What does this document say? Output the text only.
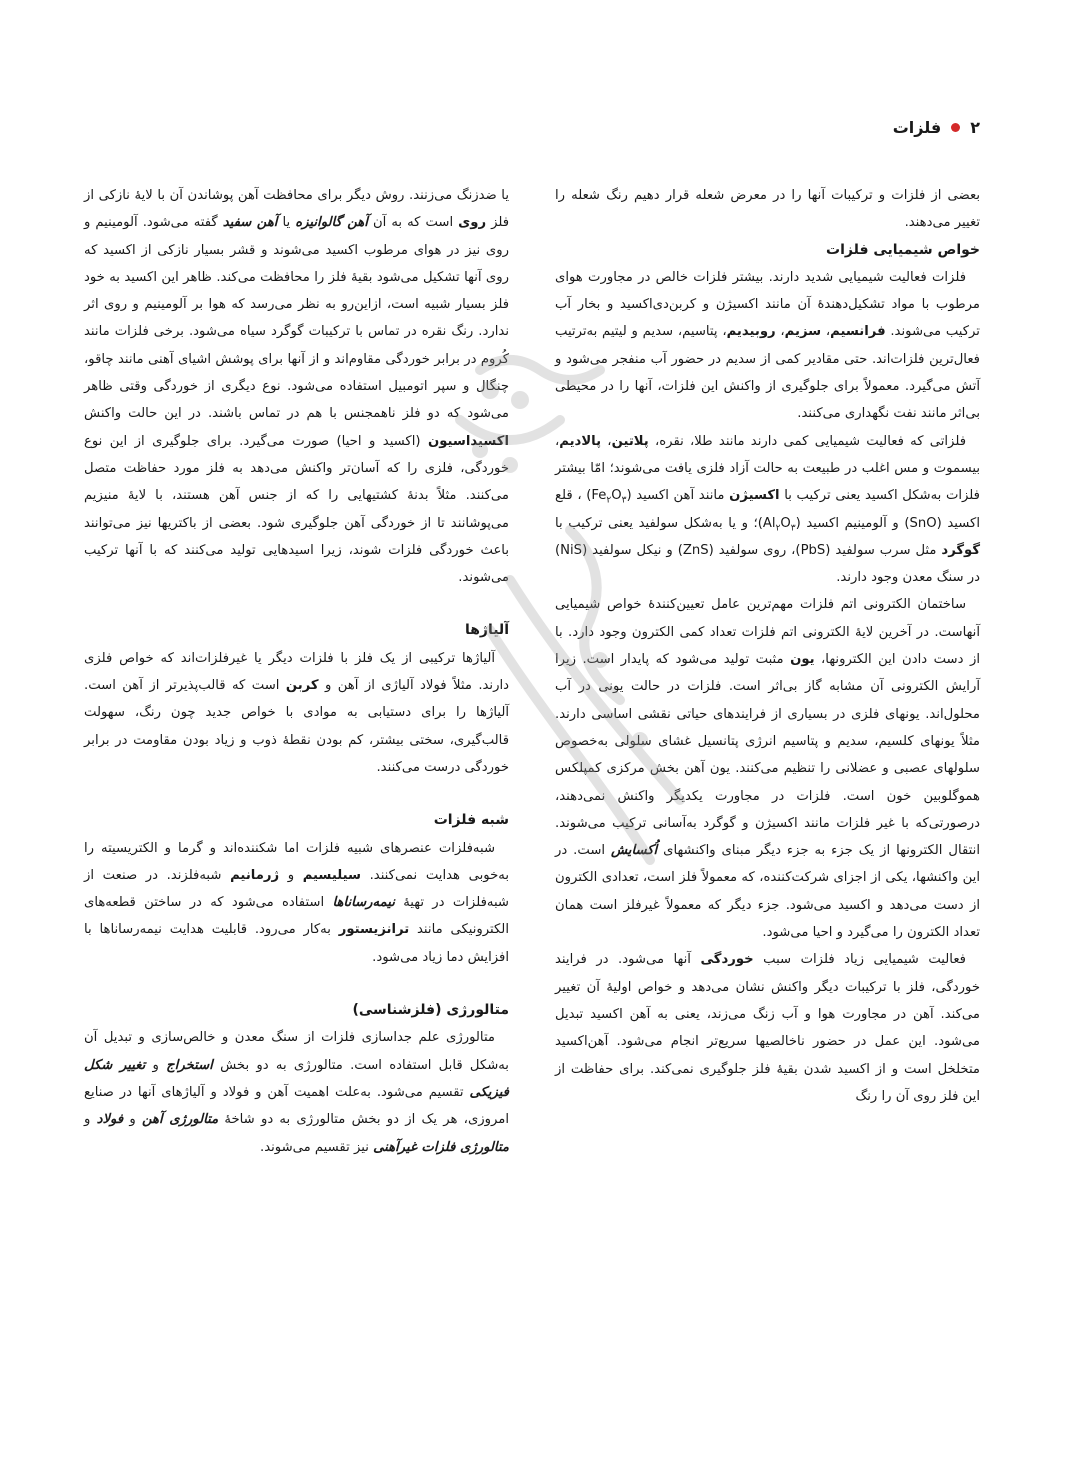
۲
فلزات

بعضی از فلزات و ترکیبات آنها را در معرض شعله قرار دهیم رنگ شعله را تغییر می‌دهند.

خواص شیمیایی فلزات

فلزات فعالیت شیمیایی شدید دارند. بیشتر فلزات خالص در مجاورت هوای مرطوب با مواد تشکیل‌دهندهٔ آن مانند اکسیژن و کربن‌دی‌اکسید و بخار آب ترکیب می‌شوند. فرانسیم، سزیم، روبیدیم، پتاسیم، سدیم و لیتیم به‌ترتیب فعال‌ترین فلزات‌اند. حتی مقادیر کمی از سدیم در حضور آب منفجر می‌شود و آتش می‌گیرد. معمولاً برای جلوگیری از واکنش این فلزات، آنها را در محیطی بی‌اثر مانند نفت نگهداری می‌کنند.

فلزاتی که فعالیت شیمیایی کمی دارند مانند طلا، نقره، پلاتین، پالادیم، بیسموت و مس اغلب در طبیعت به حالت آزاد فلزی یافت می‌شوند؛ امّا بیشتر فلزات به‌شکل اکسید یعنی ترکیب با اکسیژن مانند آهن اکسید $(Fe_۲O_۳)$ ، قلع اکسید (SnO) و آلومینیم اکسید $(Al_۲O_۳)؛$ و یا به‌شکل سولفید یعنی ترکیب با گوگرد مثل سرب سولفید (PbS)، روی سولفید (ZnS) و نیکل سولفید (NiS) در سنگ معدن وجود دارند.

ساختمان الکترونی اتم فلزات مهم‌ترین عامل تعیین‌کنندهٔ خواص شیمیایی آنهاست. در آخرین لایهٔ الکترونی اتم فلزات تعداد کمی الکترون وجود دارد. با از دست دادن این الکترونها، یون مثبت تولید می‌شود که پایدار است. زیرا آرایش الکترونی آن مشابه گاز بی‌اثر است. فلزات در حالت یونی در آب محلول‌اند. یونهای فلزی در بسیاری از فرایندهای حیاتی نقشی اساسی دارند. مثلاً یونهای کلسیم، سدیم و پتاسیم انرژی پتانسیل غشای سلولی به‌خصوص سلولهای عصبی و عضلانی را تنظیم می‌کنند. یون آهن بخش مرکزی کمپلکس هموگلوبین خون است. فلزات در مجاورت یکدیگر واکنش نمی‌دهند، درصورتی‌که با غیر فلزات مانند اکسیژن و گوگرد به‌آسانی ترکیب می‌شوند. انتقال الکترونها از یک جزء به جزء دیگر مبنای واکنشهای اُکسایش است. در این واکنشها، یکی از اجزای شرکت‌کننده، که معمولاً فلز است، تعدادی الکترون از دست می‌دهد و اکسید می‌شود. جزء دیگر که معمولاً غیرفلز است همان تعداد الکترون را می‌گیرد و احیا می‌شود.

فعالیت شیمیایی زیاد فلزات سبب خوردگی آنها می‌شود. در فرایند خوردگی، فلز با ترکیبات دیگر واکنش نشان می‌دهد و خواص اولیهٔ آن تغییر می‌کند. آهن در مجاورت هوا و آب زنگ می‌زند، یعنی به آهن اکسید تبدیل می‌شود. این عمل در حضور ناخالصیها سریع‌تر انجام می‌شود. آهن‌اکسید متخلخل است و از اکسید شدن بقیهٔ فلز جلوگیری نمی‌کند. برای حفاظت از این فلز روی آن را رنگ

یا ضدزنگ می‌زنند. روش دیگر برای محافظت آهن پوشاندن آن با لایهٔ نازکی از فلز روی است که به آن آهن گالوانیزه یا آهن سفید گفته می‌شود. آلومینیم و روی نیز در هوای مرطوب اکسید می‌شوند و قشر بسیار نازکی از اکسید که روی آنها تشکیل می‌شود بقیهٔ فلز را محافظت می‌کند. ظاهر این اکسید به خود فلز بسیار شبیه است، ازاین‌رو به نظر می‌رسد که هوا بر آلومینیم و روی اثر ندارد. رنگ نقره در تماس با ترکیبات گوگرد سیاه می‌شود. برخی فلزات مانند کُروم در برابر خوردگی مقاوم‌اند و از آنها برای پوشش اشیای آهنی مانند چاقو، چنگال و سپر اتومبیل استفاده می‌شود. نوع دیگری از خوردگی وقتی ظاهر می‌شود که دو فلز ناهمجنس با هم در تماس باشند. در این حالت واکنش اکسیداسیون (اکسید و احیا) صورت می‌گیرد. برای جلوگیری از این نوع خوردگی، فلزی را که آسان‌تر واکنش می‌دهد به فلز مورد حفاظت متصل می‌کنند. مثلاً بدنهٔ کشتیهایی را که از جنس آهن هستند، با لایهٔ منیزیم می‌پوشانند تا از خوردگی آهن جلوگیری شود. بعضی از باکتریها نیز می‌توانند باعث خوردگی فلزات شوند، زیرا اسیدهایی تولید می‌کنند که با آنها ترکیب می‌شوند.

آلیاژها

آلیاژها ترکیبی از یک فلز با فلزات دیگر یا غیرفلزات‌اند که خواص فلزی دارند. مثلاً فولاد آلیاژی از آهن و کربن است که قالب‌پذیرتر از آهن است. آلیاژها را برای دستیابی به موادی با خواص جدید چون رنگ، سهولت قالب‌گیری، سختی بیشتر، کم بودن نقطهٔ ذوب و زیاد بودن مقاومت در برابر خوردگی درست می‌کنند.

شبه فلزات

شبه‌فلزات عنصرهای شبیه فلزات اما شکننده‌اند و گرما و الکتریسیته را به‌خوبی هدایت نمی‌کنند. سیلیسیم و ژرمانیم شبه‌فلزند. در صنعت از شبه‌فلزات در تهیهٔ نیمه‌رساناها استفاده می‌شود که در ساختن قطعه‌های الکترونیکی مانند ترانزیستور به‌کار می‌رود. قابلیت هدایت نیمه‌رساناها با افزایش دما زیاد می‌شود.

متالورژی (فلزشناسی)

متالورژی علم جداسازی فلزات از سنگ معدن و خالص‌سازی و تبدیل آن به‌شکل قابل استفاده است. متالورژی به دو بخش استخراج و تغییر شکل فیزیکی تقسیم می‌شود. به‌علت اهمیت آهن و فولاد و آلیاژهای آنها در صنایع امروزی، هر یک از دو بخش متالورژی به دو شاخهٔ متالورژی آهن و فولاد و متالورژی فلزات غیرآهنی نیز تقسیم می‌شوند.
